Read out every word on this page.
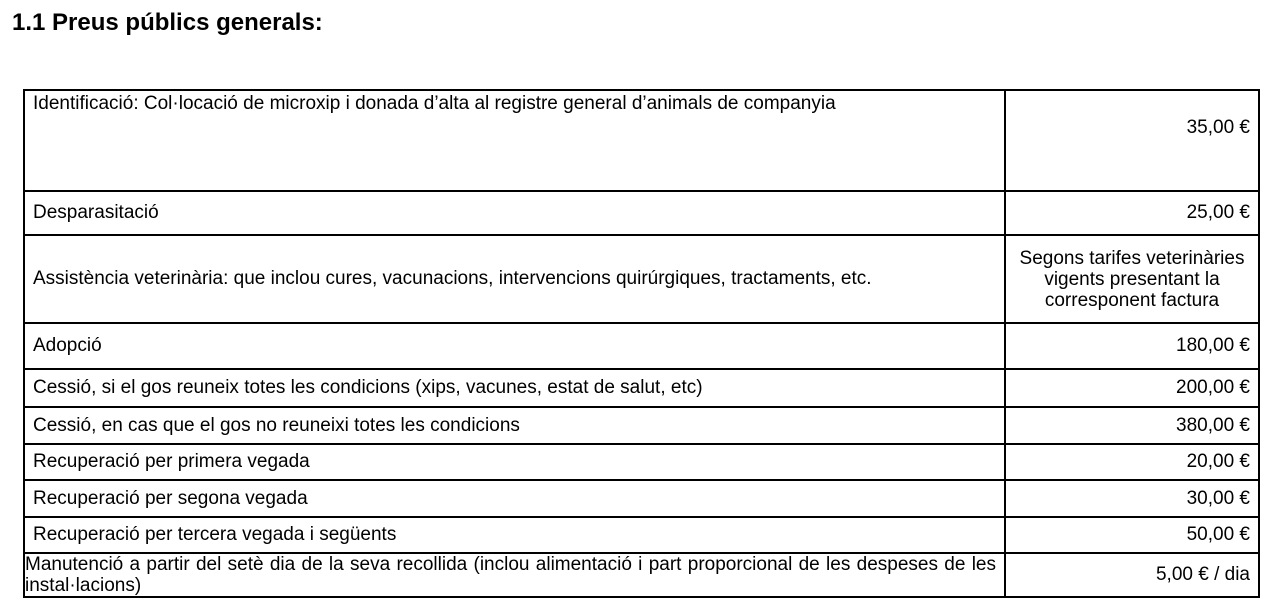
1.1 Preus públics generals:
Identificació: Col·locació de microxip i donada d’alta al registre general d’animals de companyia	35,00 €
Desparasitació	25,00 €
Assistència veterinària: que inclou cures, vacunacions, intervencions quirúrgiques, tractaments, etc.	Segons tarifes veterinàries vigents presentant la corresponent factura
Adopció	180,00 €
Cessió, si el gos reuneix totes les condicions (xips, vacunes, estat de salut, etc)	200,00 €
Cessió, en cas que el gos no reuneixi totes les condicions	380,00 €
Recuperació per primera vegada	20,00 €
Recuperació per segona vegada	30,00 €
Recuperació per tercera vegada i següents	50,00 €
Manutenció a partir del setè dia de la seva recollida (inclou alimentació i part proporcional de les despeses de les instal·lacions)	5,00 € / dia
